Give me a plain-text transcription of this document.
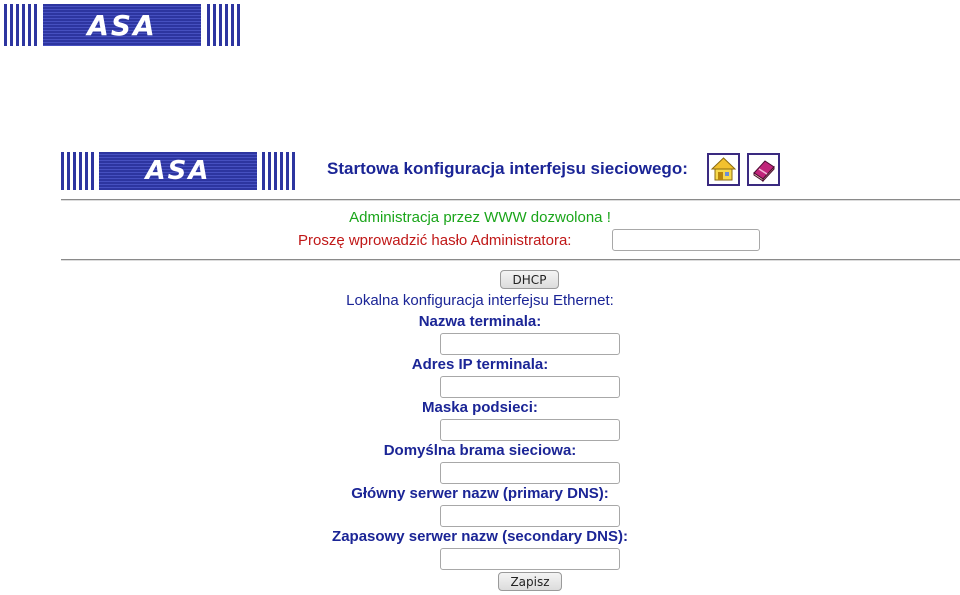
ASA
ASA	Startowa konfiguracja interfejsu sieciowego:
Administracja przez WWW dozwolona !
Proszę wprowadzić hasło Administratora:
DHCP
Lokalna konfiguracja interfejsu Ethernet:
Nazwa terminala:
Adres IP terminala:
Maska podsieci:
Domyślna brama sieciowa:
Główny serwer nazw (primary DNS):
Zapasowy serwer nazw (secondary DNS):
Zapisz
